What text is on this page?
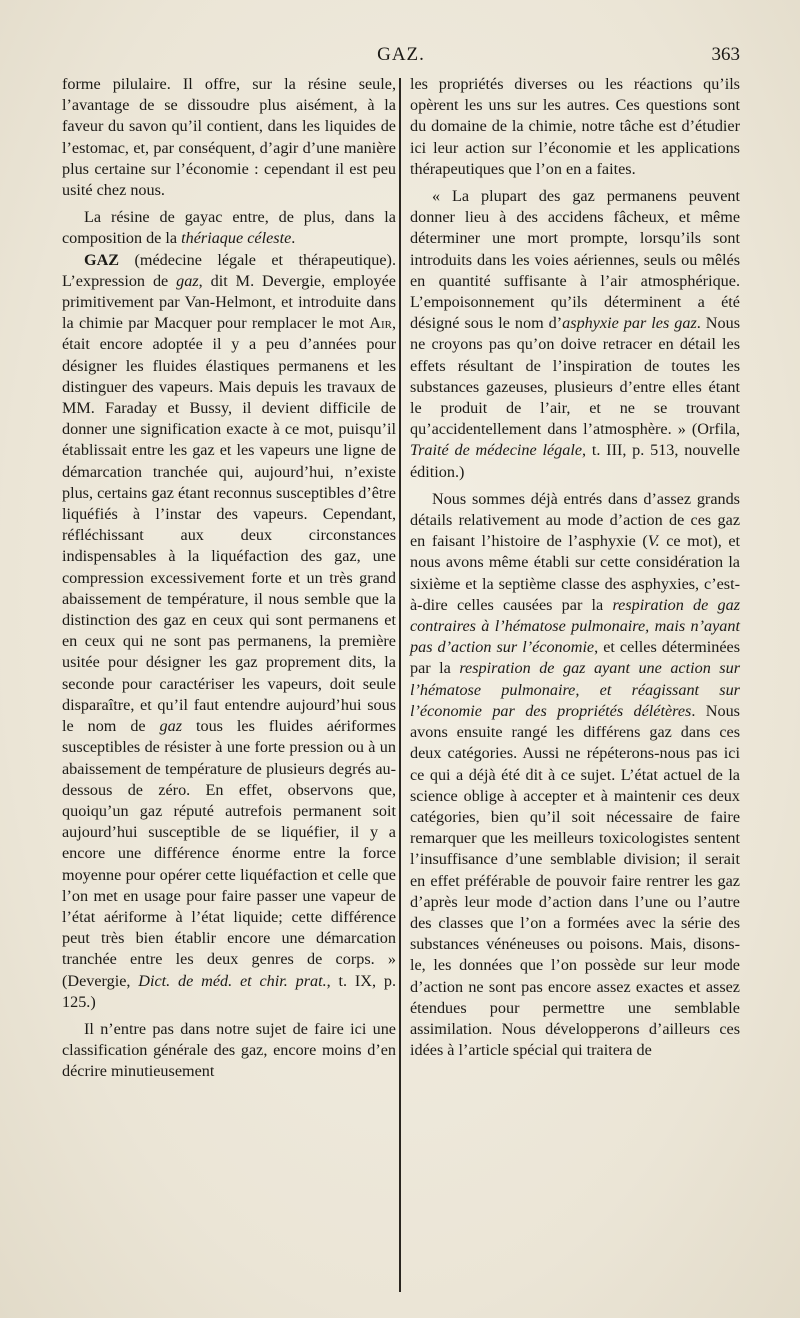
GAZ.	363

forme pilulaire. Il offre, sur la résine seule, l’avantage de se dissoudre plus aisément, à la faveur du savon qu’il contient, dans les liquides de l’estomac, et, par conséquent, d’agir d’une manière plus certaine sur l’économie : cependant il est peu usité chez nous.

La résine de gayac entre, de plus, dans la composition de la thériaque céleste.

GAZ (médecine légale et thérapeutique). L’expression de gaz, dit M. Devergie, employée primitivement par Van-Helmont, et introduite dans la chimie par Macquer pour remplacer le mot Air, était encore adoptée il y a peu d’années pour désigner les fluides élastiques permanens et les distinguer des vapeurs. Mais depuis les travaux de MM. Faraday et Bussy, il devient difficile de donner une signification exacte à ce mot, puisqu’il établissait entre les gaz et les vapeurs une ligne de démarcation tranchée qui, aujourd’hui, n’existe plus, certains gaz étant reconnus susceptibles d’être liquéfiés à l’instar des vapeurs. Cependant, réfléchissant aux deux circonstances indispensables à la liquéfaction des gaz, une compression excessivement forte et un très grand abaissement de température, il nous semble que la distinction des gaz en ceux qui sont permanens et en ceux qui ne sont pas permanens, la première usitée pour désigner les gaz proprement dits, la seconde pour caractériser les vapeurs, doit seule disparaître, et qu’il faut entendre aujourd’hui sous le nom de gaz tous les fluides aériformes susceptibles de résister à une forte pression ou à un abaissement de température de plusieurs degrés au-dessous de zéro. En effet, observons que, quoiqu’un gaz réputé autrefois permanent soit aujourd’hui susceptible de se liquéfier, il y a encore une différence énorme entre la force moyenne pour opérer cette liquéfaction et celle que l’on met en usage pour faire passer une vapeur de l’état aériforme à l’état liquide; cette différence peut très bien établir encore une démarcation tranchée entre les deux genres de corps. » (Devergie, Dict. de méd. et chir. prat., t. IX, p. 125.)

Il n’entre pas dans notre sujet de faire ici une classification générale des gaz, encore moins d’en décrire minutieusement

les propriétés diverses ou les réactions qu’ils opèrent les uns sur les autres. Ces questions sont du domaine de la chimie, notre tâche est d’étudier ici leur action sur l’économie et les applications thérapeutiques que l’on en a faites.

« La plupart des gaz permanens peuvent donner lieu à des accidens fâcheux, et même déterminer une mort prompte, lorsqu’ils sont introduits dans les voies aériennes, seuls ou mêlés en quantité suffisante à l’air atmosphérique. L’empoisonnement qu’ils déterminent a été désigné sous le nom d’asphyxie par les gaz. Nous ne croyons pas qu’on doive retracer en détail les effets résultant de l’inspiration de toutes les substances gazeuses, plusieurs d’entre elles étant le produit de l’air, et ne se trouvant qu’accidentellement dans l’atmosphère. » (Orfila, Traité de médecine légale, t. III, p. 513, nouvelle édition.)

Nous sommes déjà entrés dans d’assez grands détails relativement au mode d’action de ces gaz en faisant l’histoire de l’asphyxie (V. ce mot), et nous avons même établi sur cette considération la sixième et la septième classe des asphyxies, c’est-à-dire celles causées par la respiration de gaz contraires à l’hématose pulmonaire, mais n’ayant pas d’action sur l’économie, et celles déterminées par la respiration de gaz ayant une action sur l’hématose pulmonaire, et réagissant sur l’économie par des propriétés délétères. Nous avons ensuite rangé les différens gaz dans ces deux catégories. Aussi ne répéterons-nous pas ici ce qui a déjà été dit à ce sujet. L’état actuel de la science oblige à accepter et à maintenir ces deux catégories, bien qu’il soit nécessaire de faire remarquer que les meilleurs toxicologistes sentent l’insuffisance d’une semblable division; il serait en effet préférable de pouvoir faire rentrer les gaz d’après leur mode d’action dans l’une ou l’autre des classes que l’on a formées avec la série des substances vénéneuses ou poisons. Mais, disons-le, les données que l’on possède sur leur mode d’action ne sont pas encore assez exactes et assez étendues pour permettre une semblable assimilation. Nous développerons d’ailleurs ces idées à l’article spécial qui traitera de
